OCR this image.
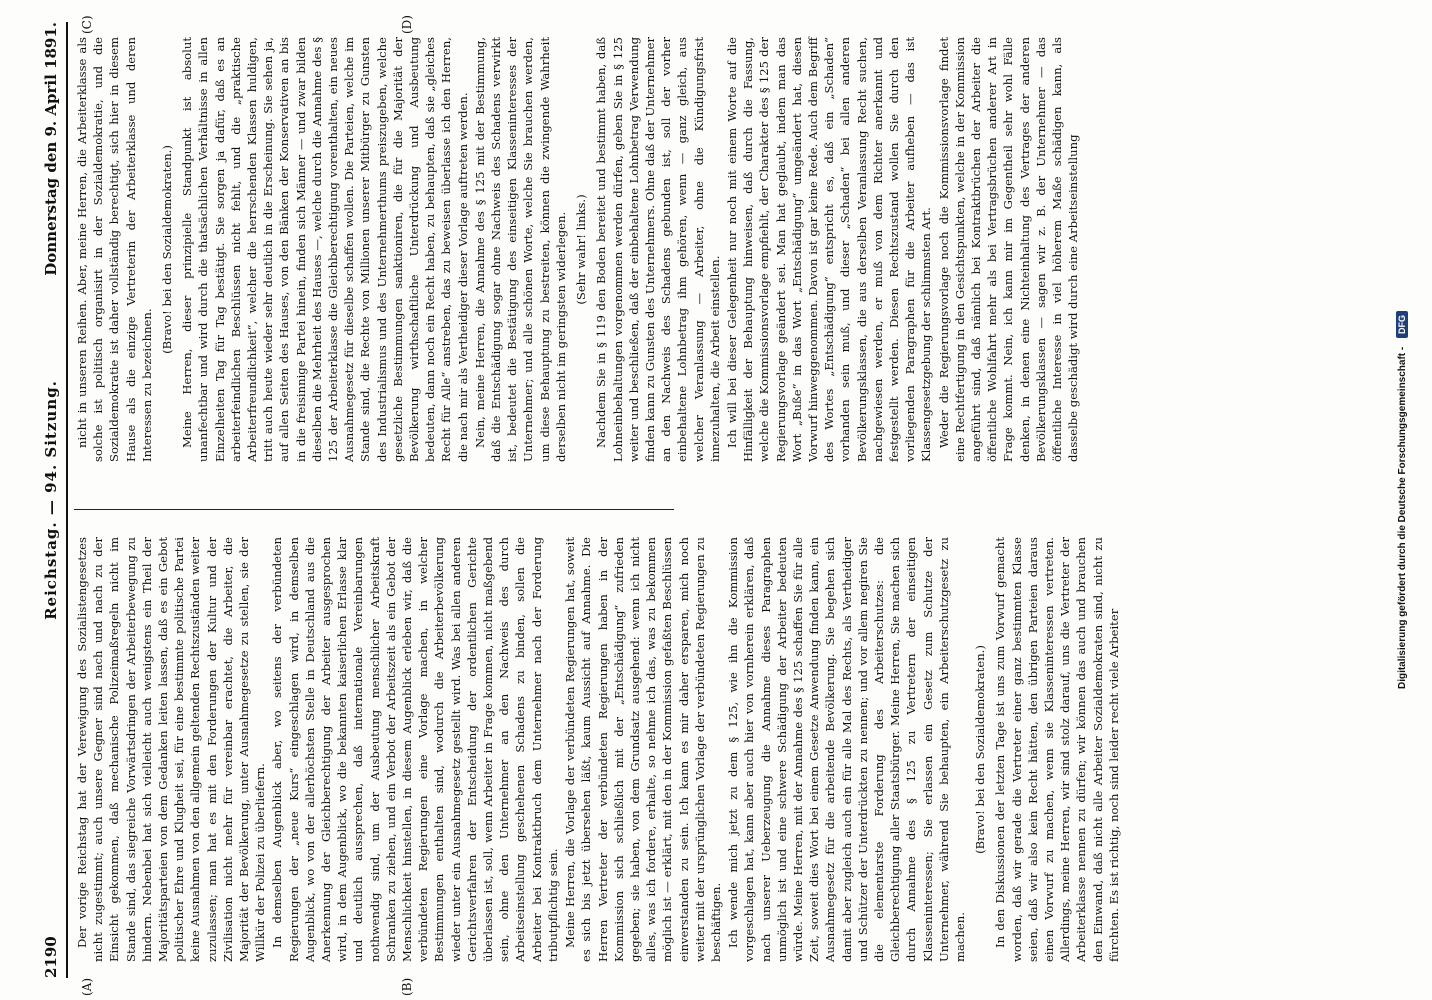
2190
Reichstag. — 94. Sitzung.
Donnerstag den 9. April 1891.
(A)	(B)
(C)	(D)

Der vorige Reichstag hat der Verewigung des Sozialistengesetzes nicht zugestimmt; auch unsere Gegner sind nach und nach zu der Einsicht gekommen, daß mechanische Polizeimaßregeln nicht im Stande sind, das siegreiche Vorwärtsdringen der Arbeiterbewegung zu hindern. Nebenbei hat sich vielleicht auch wenigstens ein Theil der Majoritätsparteien von dem Gedanken leiten lassen, daß es ein Gebot politischer Ehre und Klugheit sei, für eine bestimmte politische Partei keine Ausnahmen von den allgemein geltenden Rechtszuständen weiter zuzulassen; man hat es mit den Forderungen der Kultur und der Zivilisation nicht mehr für vereinbar erachtet, die Arbeiter, die Majorität der Bevölkerung, unter Ausnahmegesetze zu stellen, sie der Willkür der Polizei zu überliefern. In demselben Augenblick aber, wo seitens der verbündeten Regierungen der „neue Kurs“ eingeschlagen wird, in demselben Augenblick, wo von der allerhöchsten Stelle in Deutschland aus die Anerkennung der Gleichberechtigung der Arbeiter ausgesprochen wird, in dem Augenblick, wo die bekannten kaiserlichen Erlasse klar und deutlich aussprechen, daß internationale Vereinbarungen nothwendig sind, um der Ausbeutung menschlicher Arbeitskraft Schranken zu ziehen, und ein Verbot der Arbeitszeit als ein Gebot der Menschlichkeit hinstellen, in diesem Augenblick erleben wir, daß die verbündeten Regierungen eine Vorlage machen, in welcher Bestimmungen enthalten sind, wodurch die Arbeiterbevölkerung wieder unter ein Ausnahmegesetz gestellt wird. Was bei allen anderen Gerichtsverfahren der Entscheidung der ordentlichen Gerichte überlassen ist, soll, wenn Arbeiter in Frage kommen, nicht maßgebend sein, ohne den Unternehmer an den Nachweis des durch Arbeitseinstellung geschehenen Schadens zu binden, sollen die Arbeiter bei Kontraktbruch dem Unternehmer nach der Forderung tributpflichtig sein. Meine Herren, die Vorlage der verbündeten Regierungen hat, soweit es sich bis jetzt übersehen läßt, kaum Aussicht auf Annahme. Die Herren Vertreter der verbündeten Regierungen haben in der Kommission sich schließlich mit der „Entschädigung“ zufrieden gegeben; sie haben, von dem Grundsatz ausgehend: wenn ich nicht alles, was ich fordere, erhalte, so nehme ich das, was zu bekommen möglich ist — erklärt, mit den in der Kommission gefaßten Beschlüssen einverstanden zu sein. Ich kann es mir daher ersparen, mich noch weiter mit der ursprünglichen Vorlage der verbündeten Regierungen zu beschäftigen. Ich wende mich jetzt zu dem § 125, wie ihn die Kommission vorgeschlagen hat, kann aber auch hier von vornherein erklären, daß nach unserer Ueberzeugung die Annahme dieses Paragraphen unmöglich ist und eine schwere Schädigung der Arbeiter bedeuten würde. Meine Herren, mit der Annahme des § 125 schaffen Sie für alle Zeit, soweit dies Wort bei einem Gesetze Anwendung finden kann, ein Ausnahmegesetz für die arbeitende Bevölkerung. Sie begehen sich damit aber zugleich auch ein für alle Mal des Rechts, als Vertheidiger und Schützer der Unterdrückten zu nennen; und vor allem negiren Sie die elementarste Forderung des Arbeiterschutzes: die Gleichberechtigung aller Staatsbürger. Meine Herren, Sie machen sich durch Annahme des § 125 zu Vertretern der einseitigen Klasseninteressen; Sie erlassen ein Gesetz zum Schutze der Unternehmer, während Sie behaupten, ein Arbeiterschutzgesetz zu machen.

(Bravo! bei den Sozialdemokraten.) In den Diskussionen der letzten Tage ist uns zum Vorwurf gemacht worden, daß wir gerade die Vertreter einer ganz bestimmten Klasse seien, daß wir also kein Recht hätten, den übrigen Parteien daraus einen Vorwurf zu machen, wenn sie Klasseninteressen vertreten. Allerdings, meine Herren, wir sind stolz darauf, uns die Vertreter der Arbeiterklasse nennen zu dürfen; wir können das auch und brauchen den Einwand, daß nicht alle Arbeiter Sozialdemokraten sind, nicht zu fürchten. Es ist richtig, noch sind leider recht viele Arbeiter

nicht in unseren Reihen. Aber, meine Herren, die Arbeiterklasse als solche ist politisch organisirt in der Sozialdemokratie, und die Sozialdemokratie ist daher vollständig berechtigt, sich hier in diesem Hause als die einzige Vertreterin der Arbeiterklasse und deren Interessen zu bezeichnen.

(Bravo! bei den Sozialdemokraten.) Meine Herren, dieser prinzipielle Standpunkt ist absolut unanfechtbar und wird durch die thatsächlichen Verhältnisse in allen Einzelheiten Tag für Tag bestätigt. Sie sorgen ja dafür, daß es an arbeiterfeindlichen Beschlüssen nicht fehlt, und die „praktische Arbeiterfreundlichkeit“, welcher die herrschenden Klassen huldigen, tritt auch heute wieder sehr deutlich in die Erscheinung. Sie sehen ja, auf allen Seiten des Hauses, von den Bänken der Konservativen an bis in die freisinnige Partei hinein, finden sich Männer — und zwar bilden dieselben die Mehrheit des Hauses —, welche durch die Annahme des § 125 der Arbeiterklasse die Gleichberechtigung vorenthalten, ein neues Ausnahmegesetz für dieselbe schaffen wollen. Die Parteien, welche im Stande sind, die Rechte von Millionen unserer Mitbürger zu Gunsten des Industrialismus und des Unternehmerthums preiszugeben, welche gesetzliche Bestimmungen sanktioniren, die für die Majorität der Bevölkerung wirthschaftliche Unterdrückung und Ausbeutung bedeuten, dann noch ein Recht haben, zu behaupten, daß sie „gleiches Recht für Alle“ anstreben, das zu beweisen überlasse ich den Herren, die nach mir als Vertheidiger dieser Vorlage auftreten werden. Nein, meine Herren, die Annahme des § 125 mit der Bestimmung, daß die Entschädigung sogar ohne Nachweis des Schadens verwirkt ist, bedeutet die Bestätigung des einseitigen Klasseninteresses der Unternehmer; und alle schönen Worte, welche Sie brauchen werden, um diese Behauptung zu bestreiten, können die zwingende Wahrheit derselben nicht im geringsten widerlegen. (Sehr wahr! links.) Nachdem Sie in § 119 den Boden bereitet und bestimmt haben, daß Lohneinbehaltungen vorgenommen werden dürfen, geben Sie in § 125 weiter und beschließen, daß der einbehaltene Lohnbetrag Verwendung finden kann zu Gunsten des Unternehmers. Ohne daß der Unternehmer an den Nachweis des Schadens gebunden ist, soll der vorher einbehaltene Lohnbetrag ihm gehören, wenn — ganz gleich, aus welcher Veranlassung — Arbeiter, ohne die Kündigungsfrist innezuhalten, die Arbeit einstellen. Ich will bei dieser Gelegenheit nur noch mit einem Worte auf die Hinfälligkeit der Behauptung hinweisen, daß durch die Fassung, welche die Kommissionsvorlage empfiehlt, der Charakter des § 125 der Regierungsvorlage geändert sei. Man hat geglaubt, indem man das Wort „Buße“ in das Wort „Entschädigung“ umgeändert hat, diesen Vorwurf hinweggenommen. Davon ist gar keine Rede. Auch dem Begriff des Wortes „Entschädigung“ entspricht es, daß ein „Schaden“ vorhanden sein muß, und dieser „Schaden“ bei allen anderen Bevölkerungsklassen, die aus derselben Veranlassung Recht suchen, nachgewiesen werden, er muß von dem Richter anerkannt und festgestellt werden. Diesen Rechtszustand wollen Sie durch den vorliegenden Paragraphen für die Arbeiter aufheben — das ist Klassengesetzgebung der schlimmsten Art. Weder die Regierungsvorlage noch die Kommissionsvorlage findet eine Rechtfertigung in den Gesichtspunkten, welche in der Kommission angeführt sind, daß nämlich bei Kontraktbrüchen der Arbeiter die öffentliche Wohlfahrt mehr als bei Vertragsbrüchen anderer Art in Frage kommt. Nein, ich kann mir im Gegentheil sehr wohl Fälle denken, in denen eine Nichteinhaltung des Vertrages der anderen Bevölkerungsklassen — sagen wir z. B. der Unternehmer — das öffentliche Interesse in viel höherem Maße schädigen kann, als dasselbe geschädigt wird durch eine Arbeitseinstellung

Digitalisierung gefördert durch die Deutsche Forschungsgemeinschaft - DFG
